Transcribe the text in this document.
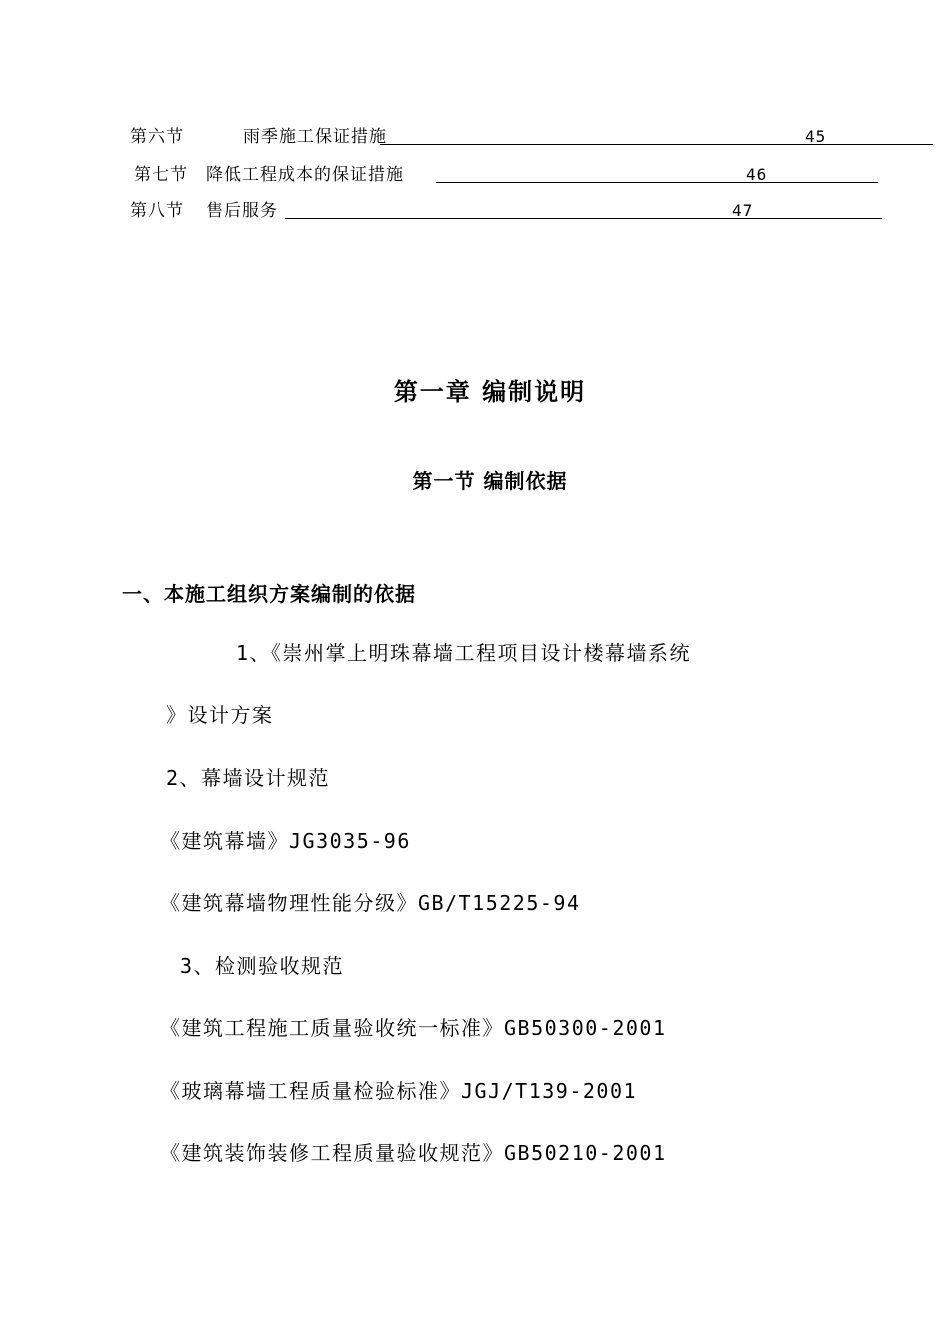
第六节	雨季施工保证措施	45
第七节 降低工程成本的保证措施	46
第八节 售后服务	47
第一章 编制说明
第一节 编制依据
一、本施工组织方案编制的依据
1、《崇州掌上明珠幕墙工程项目设计楼幕墙系统
》设计方案
2、幕墙设计规范
《建筑幕墙》JG3035-96
《建筑幕墙物理性能分级》GB/T15225-94
3、检测验收规范
《建筑工程施工质量验收统一标准》GB50300-2001
《玻璃幕墙工程质量检验标准》JGJ/T139-2001
《建筑装饰装修工程质量验收规范》GB50210-2001
